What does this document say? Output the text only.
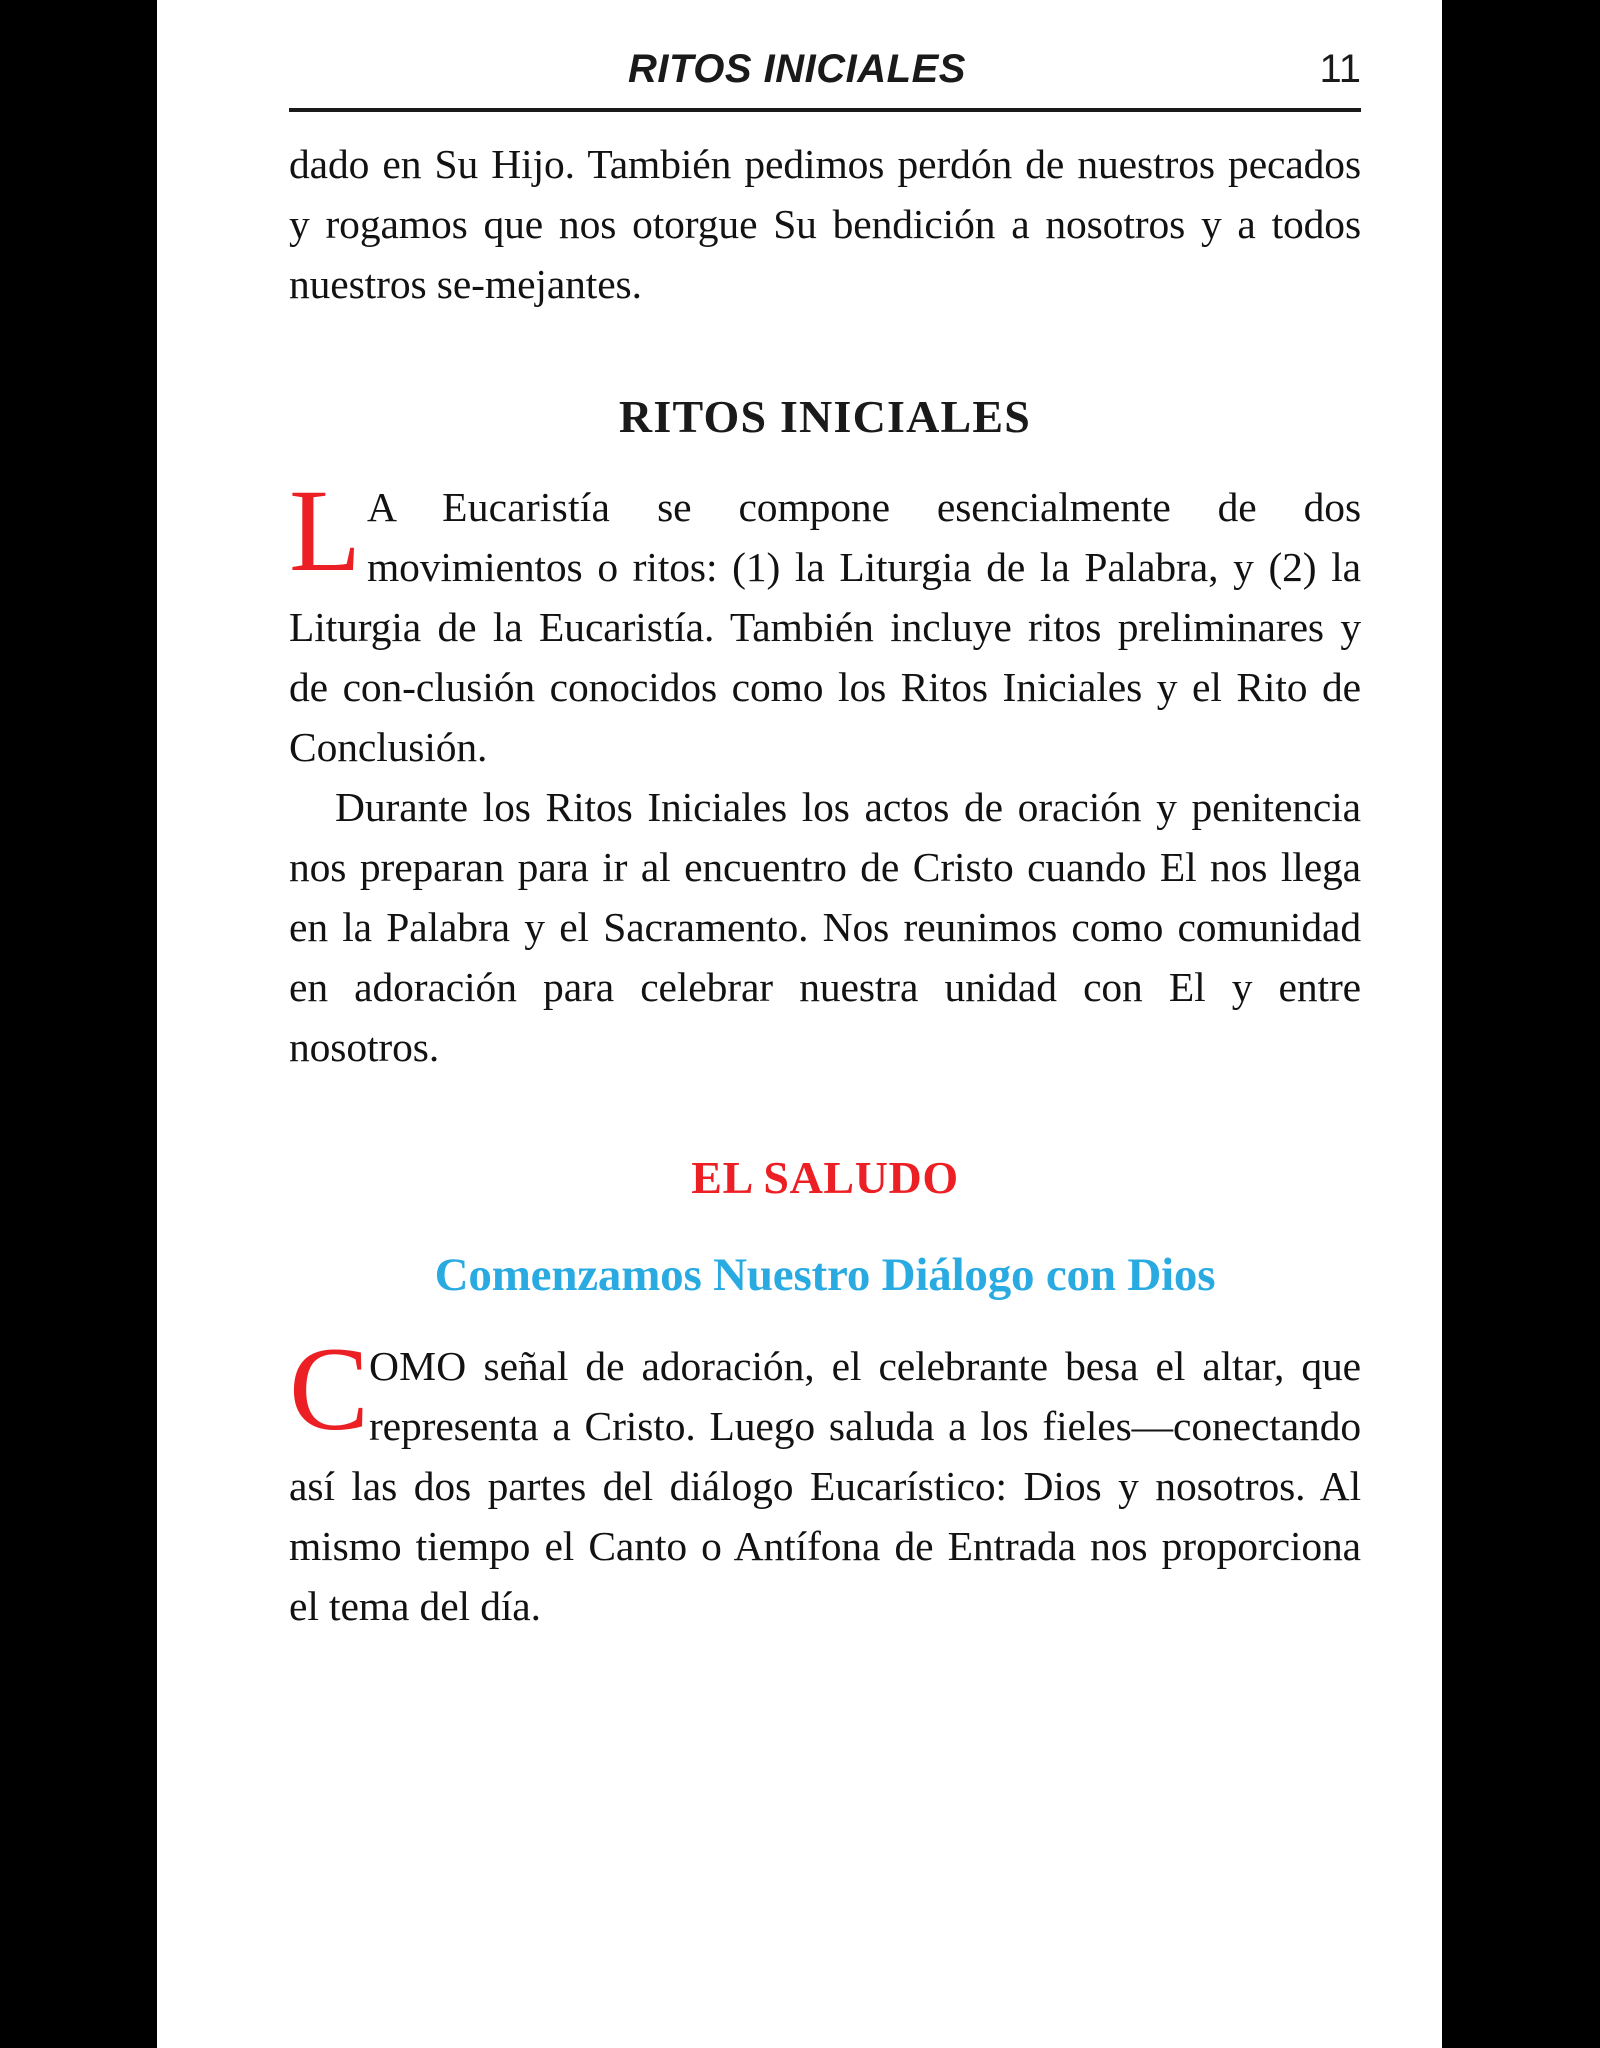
RITOS INICIALES	11

dado en Su Hijo. También pedimos perdón de nuestros pecados y rogamos que nos otorgue Su bendición a nosotros y a todos nuestros se-mejantes.

RITOS INICIALES

L A Eucaristía se compone esencialmente de dos movimientos o ritos: (1) la Liturgia de la Palabra, y (2) la Liturgia de la Eucaristía. También incluye ritos preliminares y de con-clusión conocidos como los Ritos Iniciales y el Rito de Conclusión.

Durante los Ritos Iniciales los actos de oración y penitencia nos preparan para ir al encuentro de Cristo cuando El nos llega en la Palabra y el Sacramento. Nos reunimos como comunidad en adoración para celebrar nuestra unidad con El y entre nosotros.

EL SALUDO
Comenzamos Nuestro Diálogo con Dios

COMO señal de adoración, el celebrante besa el altar, que representa a Cristo. Luego saluda a los fieles—conectando así las dos partes del diálogo Eucarístico: Dios y nosotros. Al mismo tiempo el Canto o Antífona de Entrada nos proporciona el tema del día.
